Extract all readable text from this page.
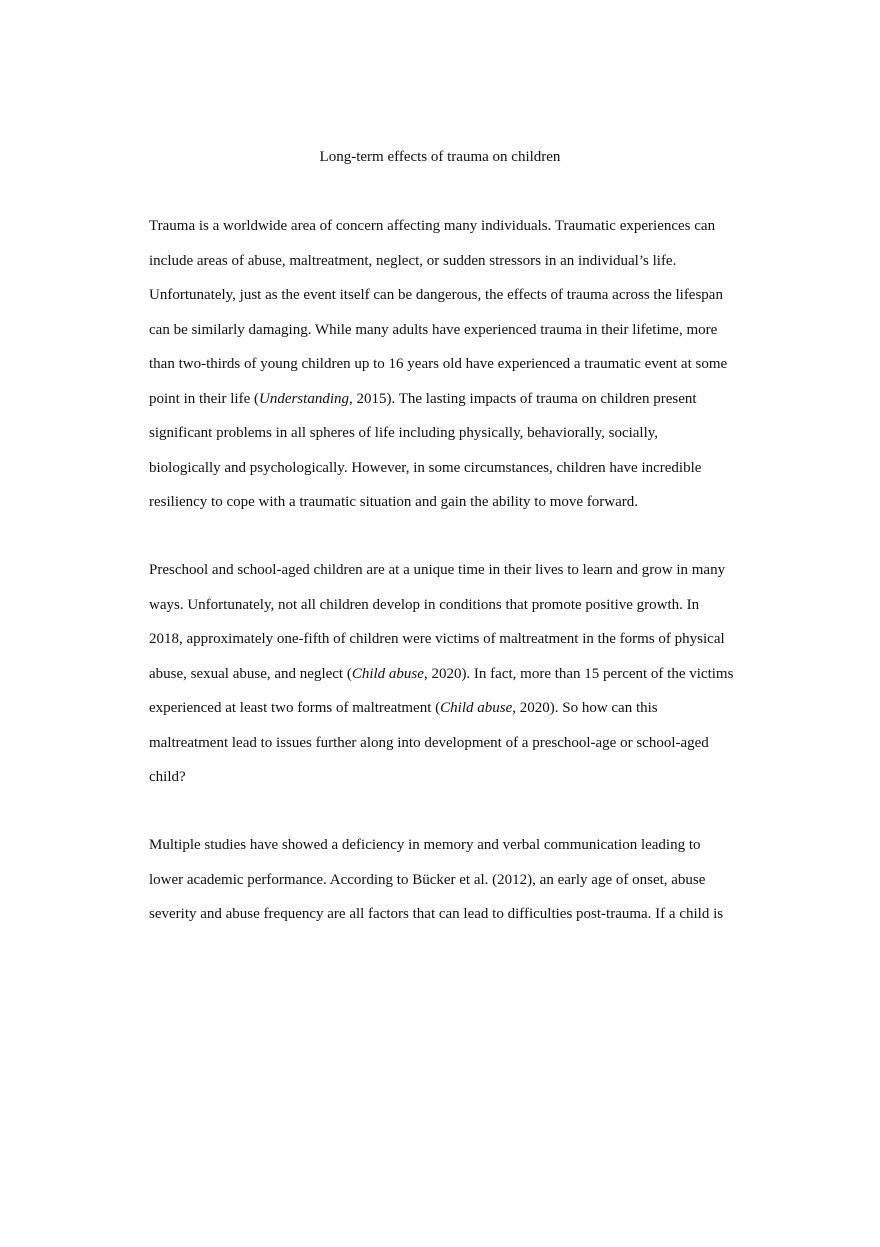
Long-term effects of trauma on children
Trauma is a worldwide area of concern affecting many individuals. Traumatic experiences can
include areas of abuse, maltreatment, neglect, or sudden stressors in an individual’s life.
Unfortunately, just as the event itself can be dangerous, the effects of trauma across the lifespan
can be similarly damaging. While many adults have experienced trauma in their lifetime, more
than two-thirds of young children up to 16 years old have experienced a traumatic event at some
point in their life (Understanding, 2015). The lasting impacts of trauma on children present
significant problems in all spheres of life including physically, behaviorally, socially,
biologically and psychologically. However, in some circumstances, children have incredible
resiliency to cope with a traumatic situation and gain the ability to move forward.
Preschool and school-aged children are at a unique time in their lives to learn and grow in many
ways. Unfortunately, not all children develop in conditions that promote positive growth. In
2018, approximately one-fifth of children were victims of maltreatment in the forms of physical
abuse, sexual abuse, and neglect (Child abuse, 2020). In fact, more than 15 percent of the victims
experienced at least two forms of maltreatment (Child abuse, 2020). So how can this
maltreatment lead to issues further along into development of a preschool-age or school-aged
child?
Multiple studies have showed a deficiency in memory and verbal communication leading to
lower academic performance. According to Bücker et al. (2012), an early age of onset, abuse
severity and abuse frequency are all factors that can lead to difficulties post-trauma. If a child is
